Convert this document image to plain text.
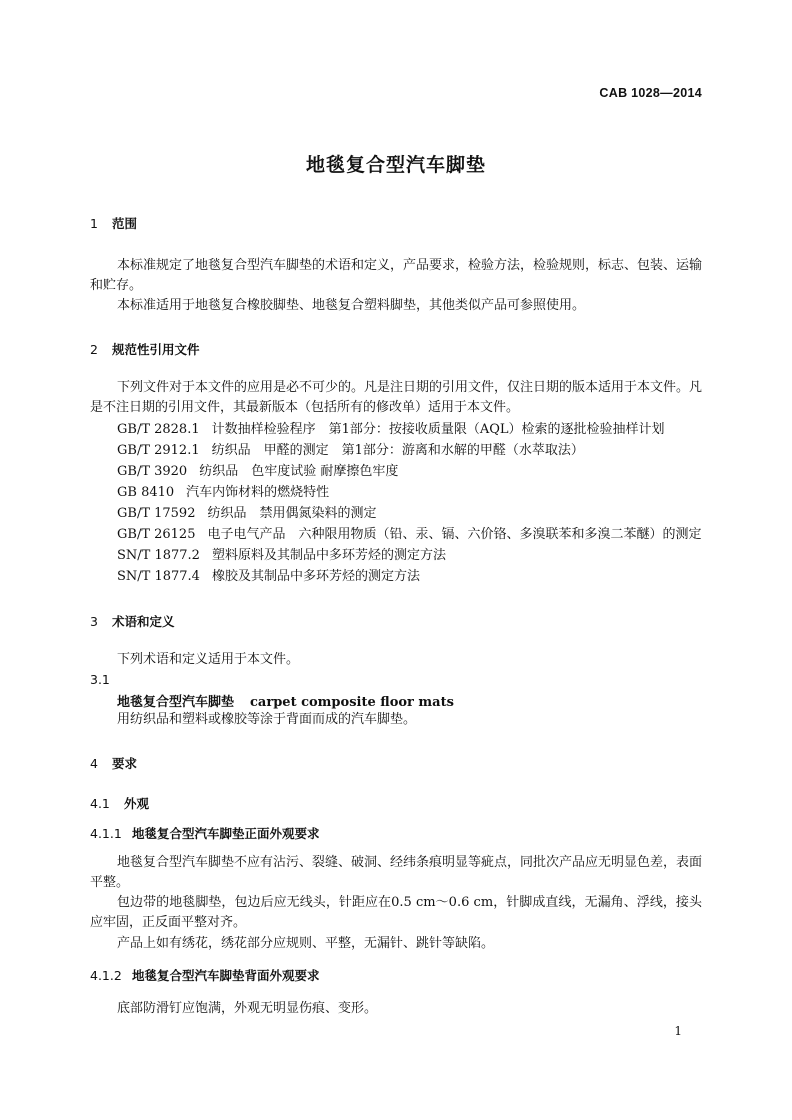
CAB 1028—2014
地毯复合型汽车脚垫
1 范围
本标准规定了地毯复合型汽车脚垫的术语和定义，产品要求，检验方法，检验规则，标志、包装、运输和贮存。
本标准适用于地毯复合橡胶脚垫、地毯复合塑料脚垫，其他类似产品可参照使用。
2 规范性引用文件
下列文件对于本文件的应用是必不可少的。凡是注日期的引用文件，仅注日期的版本适用于本文件。凡是不注日期的引用文件，其最新版本（包括所有的修改单）适用于本文件。
GB/T 2828.1 计数抽样检验程序　第1部分：按接收质量限（AQL）检索的逐批检验抽样计划
GB/T 2912.1 纺织品　甲醛的测定　第1部分：游离和水解的甲醛（水萃取法）
GB/T 3920 纺织品　色牢度试验 耐摩擦色牢度
GB 8410 汽车内饰材料的燃烧特性
GB/T 17592 纺织品　禁用偶氮染料的测定
GB/T 26125 电子电气产品　六种限用物质（铅、汞、镉、六价铬、多溴联苯和多溴二苯醚）的测定
SN/T 1877.2 塑料原料及其制品中多环芳烃的测定方法
SN/T 1877.4 橡胶及其制品中多环芳烃的测定方法
3 术语和定义
下列术语和定义适用于本文件。
3.1
地毯复合型汽车脚垫 carpet composite floor mats
用纺织品和塑料或橡胶等涂于背面而成的汽车脚垫。
4 要求
4.1 外观
4.1.1 地毯复合型汽车脚垫正面外观要求
地毯复合型汽车脚垫不应有沾污、裂缝、破洞、经纬条痕明显等疵点，同批次产品应无明显色差，表面平整。
包边带的地毯脚垫，包边后应无线头，针距应在0.5 cm～0.6 cm，针脚成直线，无漏角、浮线，接头应牢固，正反面平整对齐。
产品上如有绣花，绣花部分应规则、平整，无漏针、跳针等缺陷。
4.1.2 地毯复合型汽车脚垫背面外观要求
底部防滑钉应饱满，外观无明显伤痕、变形。
1
